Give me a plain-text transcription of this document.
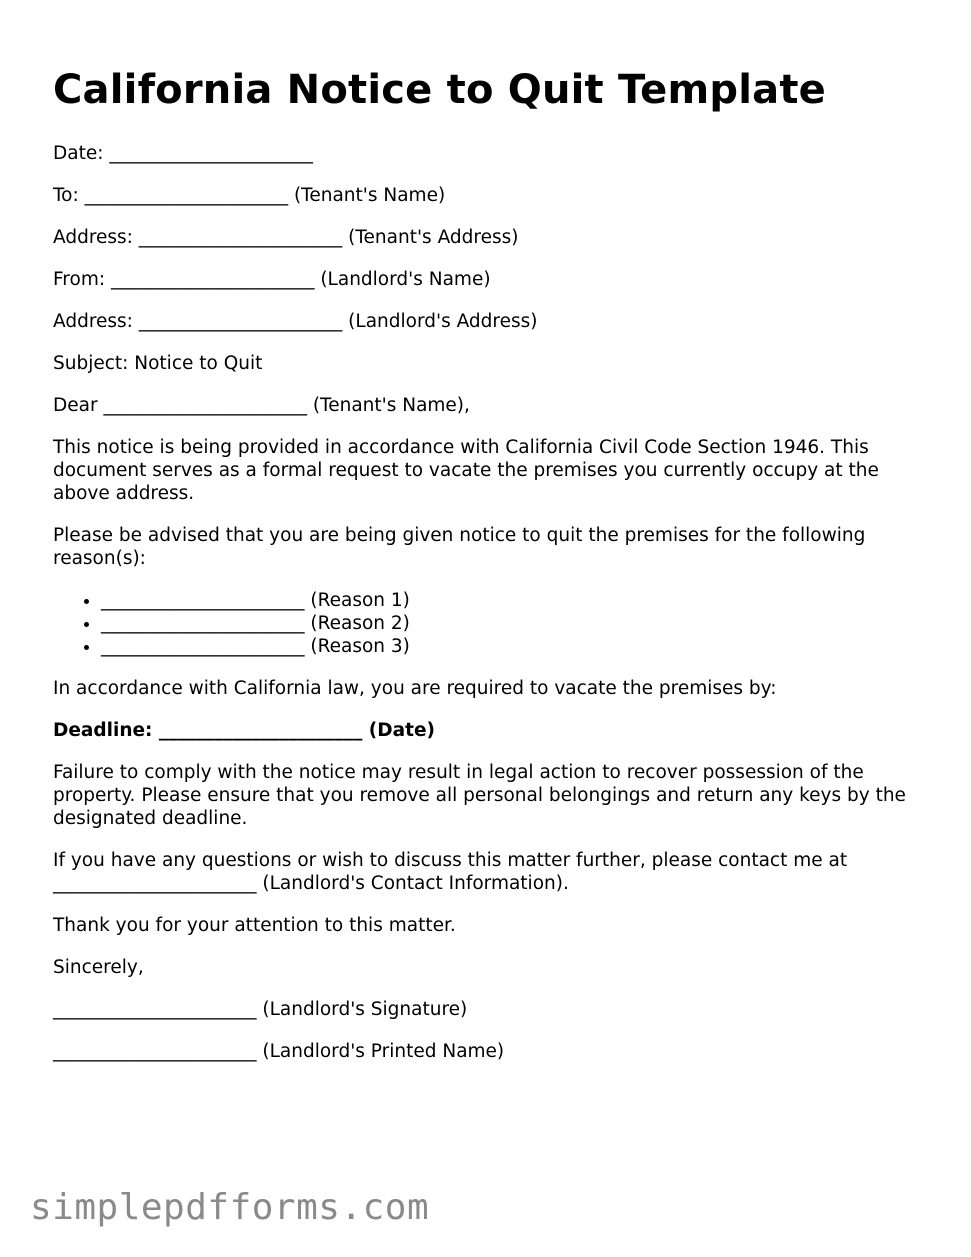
California Notice to Quit Template

Date: ______________________

To: ______________________ (Tenant's Name)

Address: ______________________ (Tenant's Address)

From: ______________________ (Landlord's Name)

Address: ______________________ (Landlord's Address)

Subject: Notice to Quit

Dear ______________________ (Tenant's Name),

This notice is being provided in accordance with California Civil Code Section 1946. This document serves as a formal request to vacate the premises you currently occupy at the above address.

Please be advised that you are being given notice to quit the premises for the following reason(s):

• ______________________ (Reason 1)
• ______________________ (Reason 2)
• ______________________ (Reason 3)

In accordance with California law, you are required to vacate the premises by:

Deadline: ______________________ (Date)

Failure to comply with the notice may result in legal action to recover possession of the property. Please ensure that you remove all personal belongings and return any keys by the designated deadline.

If you have any questions or wish to discuss this matter further, please contact me at ______________________ (Landlord's Contact Information).

Thank you for your attention to this matter.

Sincerely,

______________________ (Landlord's Signature)

______________________ (Landlord's Printed Name)

simplepdfforms.com
